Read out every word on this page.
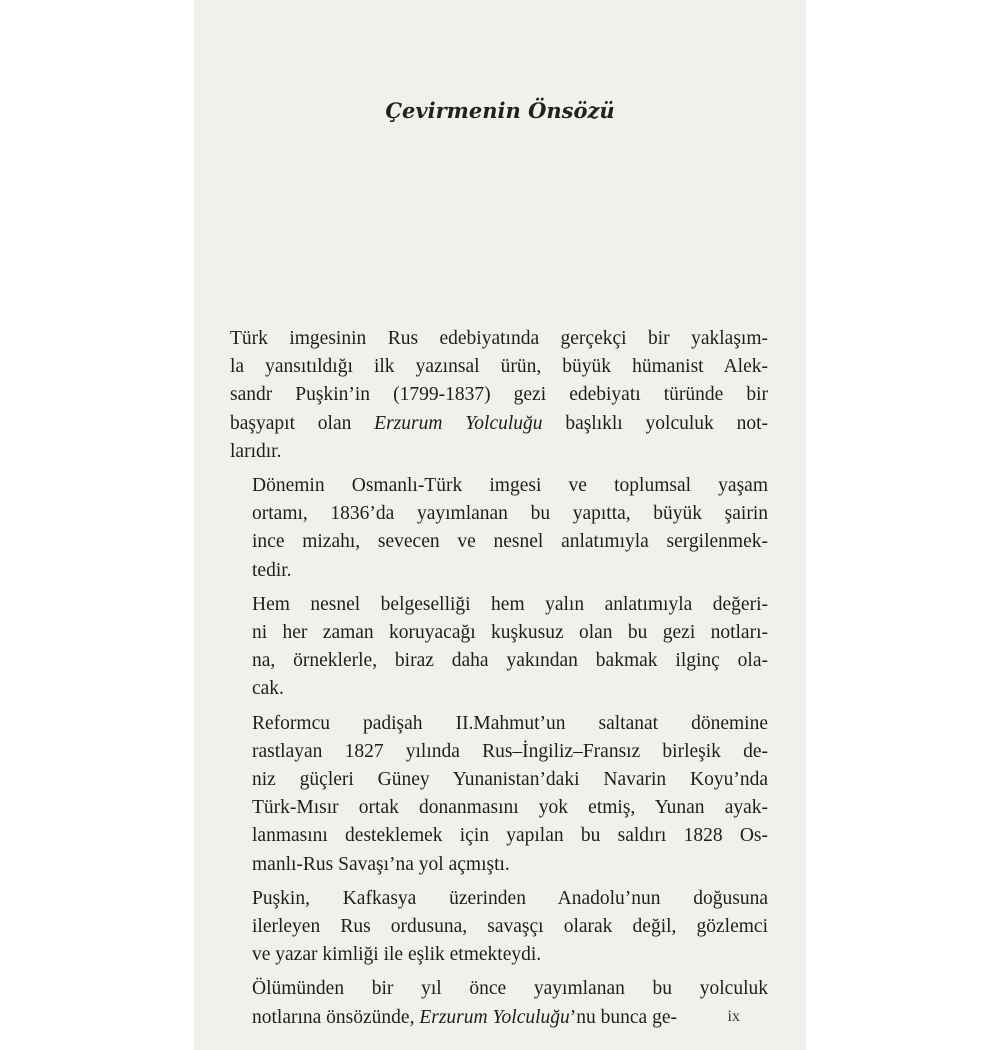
Çevirmenin Önsözü

Türk imgesinin Rus edebiyatında gerçekçi bir yaklaşım-
la yansıtıldığı ilk yazınsal ürün, büyük hümanist Alek-
sandr Puşkin’in (1799-1837) gezi edebiyatı türünde bir
başyapıt olan Erzurum Yolculuğu başlıklı yolculuk not-
larıdır.

Dönemin Osmanlı-Türk imgesi ve toplumsal yaşam
ortamı, 1836’da yayımlanan bu yapıtta, büyük şairin
ince mizahı, sevecen ve nesnel anlatımıyla sergilenmek-
tedir.

Hem nesnel belgeselliği hem yalın anlatımıyla değeri-
ni her zaman koruyacağı kuşkusuz olan bu gezi notları-
na, örneklerle, biraz daha yakından bakmak ilginç ola-
cak.

Reformcu padişah II.Mahmut’un saltanat dönemine
rastlayan 1827 yılında Rus–İngiliz–Fransız birleşik de-
niz güçleri Güney Yunanistan’daki Navarin Koyu’nda
Türk-Mısır ortak donanmasını yok etmiş, Yunan ayak-
lanmasını desteklemek için yapılan bu saldırı 1828 Os-
manlı-Rus Savaşı’na yol açmıştı.

Puşkin, Kafkasya üzerinden Anadolu’nun doğusuna
ilerleyen Rus ordusuna, savaşçı olarak değil, gözlemci
ve yazar kimliği ile eşlik etmekteydi.

Ölümünden bir yıl önce yayımlanan bu yolculuk
notlarına önsözünde, Erzurum Yolculuğu’nu bunca ge-	ix
